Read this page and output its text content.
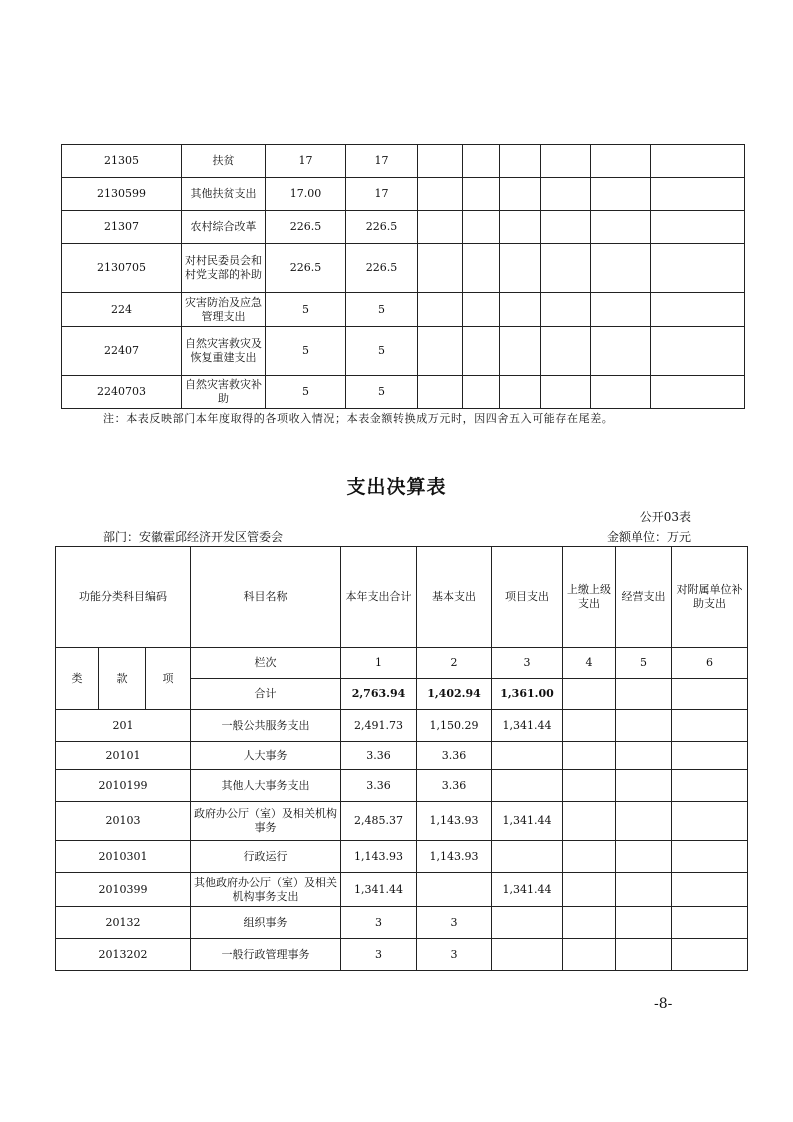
21305	扶贫	17	17						
2130599	其他扶贫支出	17.00	17						
21307	农村综合改革	226.5	226.5						
2130705	对村民委员会和村党支部的补助	226.5	226.5						
224	灾害防治及应急管理支出	5	5						
22407	自然灾害救灾及恢复重建支出	5	5						
2240703	自然灾害救灾补助	5	5						
注：本表反映部门本年度取得的各项收入情况；本表金额转换成万元时，因四舍五入可能存在尾差。
支出决算表
公开03表
部门：安徽霍邱经济开发区管委会	金额单位：万元
功能分类科目编码			科目名称	本年支出合计	基本支出	项目支出	上缴上级支出	经营支出	对附属单位补助支出
类	款	项	栏次	1	2	3	4	5	6
			合计	2,763.94	1,402.94	1,361.00			
201			一般公共服务支出	2,491.73	1,150.29	1,341.44			
20101			人大事务	3.36	3.36				
2010199			其他人大事务支出	3.36	3.36				
20103			政府办公厅（室）及相关机构事务	2,485.37	1,143.93	1,341.44			
2010301			行政运行	1,143.93	1,143.93				
2010399			其他政府办公厅（室）及相关机构事务支出	1,341.44		1,341.44			
20132			组织事务	3	3				
2013202			一般行政管理事务	3	3				
-8-
